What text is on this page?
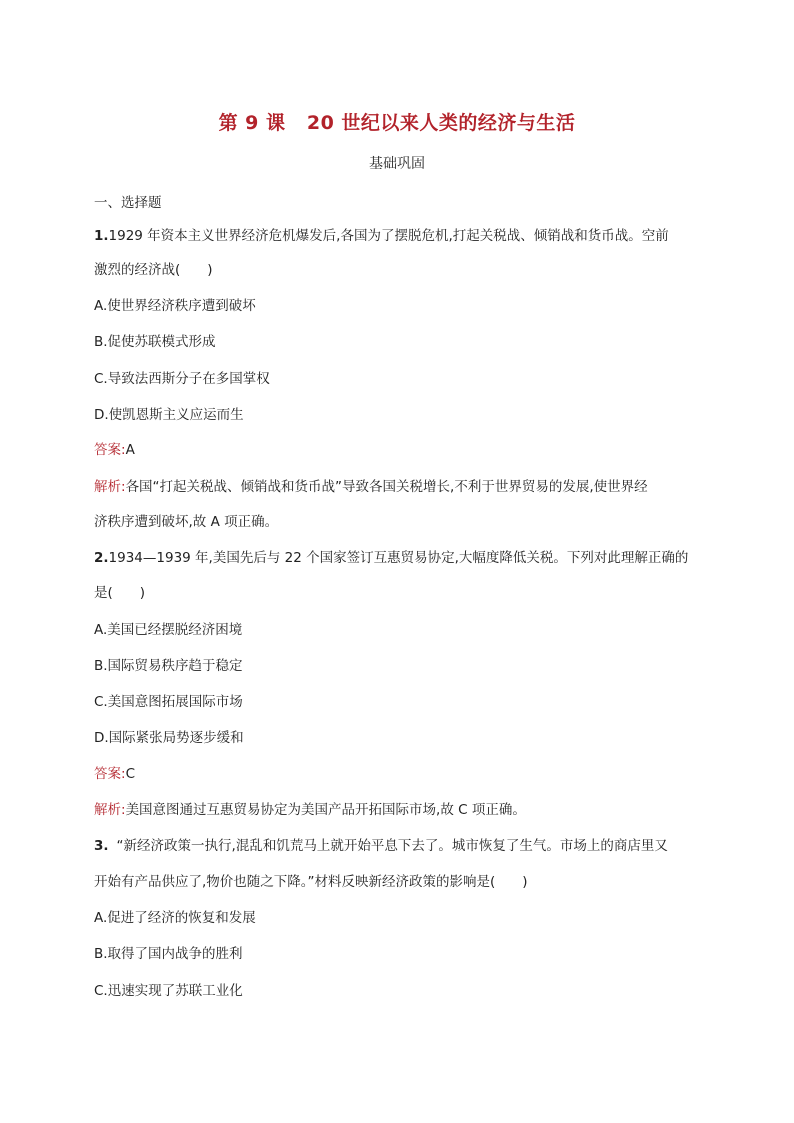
第 9 课   20 世纪以来人类的经济与生活
基础巩固
一、选择题
1.1929 年资本主义世界经济危机爆发后,各国为了摆脱危机,打起关税战、倾销战和货币战。空前
激烈的经济战(　　)
A.使世界经济秩序遭到破坏
B.促使苏联模式形成
C.导致法西斯分子在多国掌权
D.使凯恩斯主义应运而生
答案:A
解析:各国“打起关税战、倾销战和货币战”导致各国关税增长,不利于世界贸易的发展,使世界经
济秩序遭到破坏,故 A 项正确。
2.1934—1939 年,美国先后与 22 个国家签订互惠贸易协定,大幅度降低关税。下列对此理解正确的
是(　　)
A.美国已经摆脱经济困境
B.国际贸易秩序趋于稳定
C.美国意图拓展国际市场
D.国际紧张局势逐步缓和
答案:C
解析:美国意图通过互惠贸易协定为美国产品开拓国际市场,故 C 项正确。
3. “新经济政策一执行,混乱和饥荒马上就开始平息下去了。城市恢复了生气。市场上的商店里又
开始有产品供应了,物价也随之下降。”材料反映新经济政策的影响是(　　)
A.促进了经济的恢复和发展
B.取得了国内战争的胜利
C.迅速实现了苏联工业化
